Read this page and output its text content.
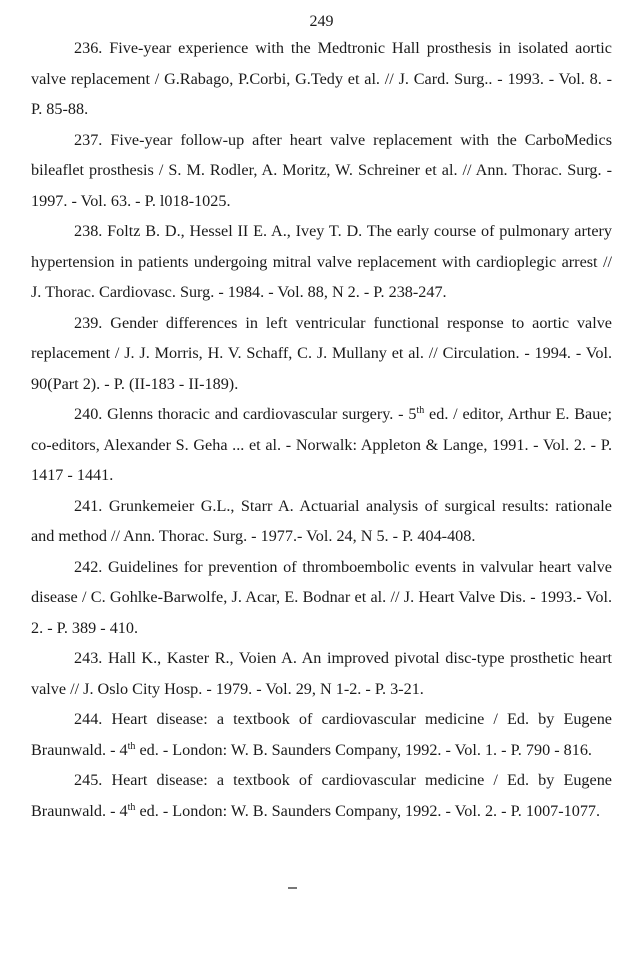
249

236. Five-year experience with the Medtronic Hall prosthesis in isolated aortic valve replacement / G.Rabago, P.Corbi, G.Tedy et al. // J. Card. Surg.. - 1993. - Vol. 8. - P. 85-88.

237. Five-year follow-up after heart valve replacement with the CarboMedics bileaflet prosthesis / S. M. Rodler, A. Moritz, W. Schreiner et al. // Ann. Thorac. Surg. - 1997. - Vol. 63. - P. l018-1025.

238. Foltz B. D., Hessel II E. A., Ivey T. D. The early course of pulmonary artery hypertension in patients undergoing mitral valve replacement with cardioplegic arrest // J. Thorac. Cardiovasc. Surg. - 1984. - Vol. 88, N 2. - P. 238-247.

239. Gender differences in left ventricular functional response to aortic valve replacement / J. J. Morris, H. V. Schaff, C. J. Mullany et al. // Circulation. - 1994. - Vol. 90(Part 2). - P. (II-183 - II-189).

240. Glenns thoracic and cardiovascular surgery. - 5th ed. / editor, Arthur E. Baue; co-editors, Alexander S. Geha ... et al. - Norwalk: Appleton & Lange, 1991. - Vol. 2. - P. 1417 - 1441.

241. Grunkemeier G.L., Starr A. Actuarial analysis of surgical results: rationale and method // Ann. Thorac. Surg. - 1977.- Vol. 24, N 5. - P. 404-408.

242. Guidelines for prevention of thromboembolic events in valvular heart valve disease / C. Gohlke-Barwolfe, J. Acar, E. Bodnar et al. // J. Heart Valve Dis. - 1993.- Vol. 2. - P. 389 - 410.

243. Hall K., Kaster R., Voien A. An improved pivotal disc-type prosthetic heart valve // J. Oslo City Hosp. - 1979. - Vol. 29, N 1-2. - P. 3-21.

244. Heart disease: a textbook of cardiovascular medicine / Ed. by Eugene Braunwald. - 4th ed. - London: W. B. Saunders Company, 1992. - Vol. 1. - P. 790 - 816.

245. Heart disease: a textbook of cardiovascular medicine / Ed. by Eugene Braunwald. - 4th ed. - London: W. B. Saunders Company, 1992. - Vol. 2. - P. 1007-1077.
